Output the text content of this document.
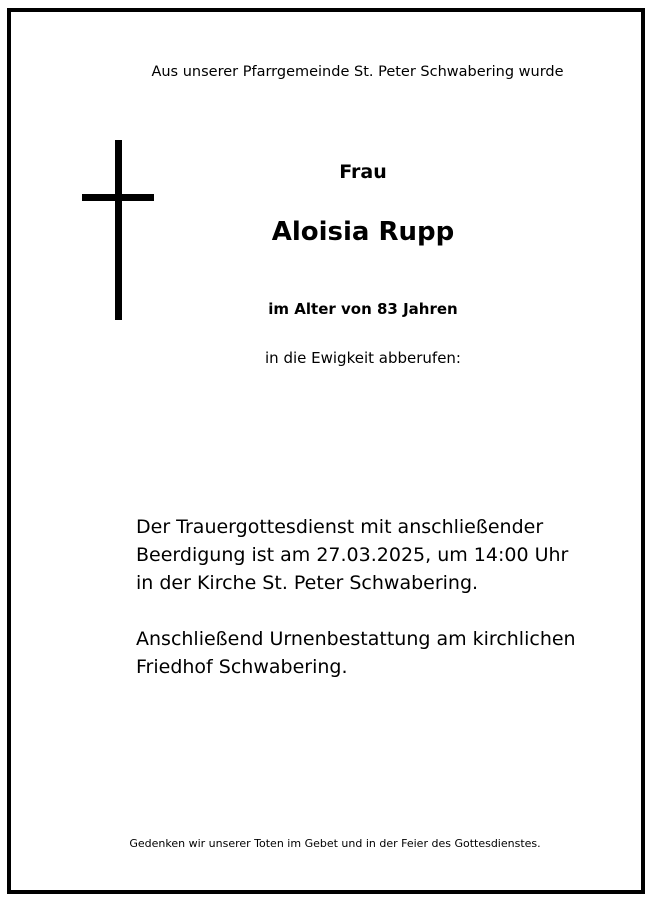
Aus unserer Pfarrgemeinde St. Peter Schwabering wurde
Frau
Aloisia Rupp
im Alter von 83 Jahren
in die Ewigkeit abberufen:

Der Trauergottesdienst mit anschließender
Beerdigung ist am 27.03.2025, um 14:00 Uhr
in der Kirche St. Peter Schwabering.

Anschließend Urnenbestattung am kirchlichen
Friedhof Schwabering.

Gedenken wir unserer Toten im Gebet und in der Feier des Gottesdienstes.
